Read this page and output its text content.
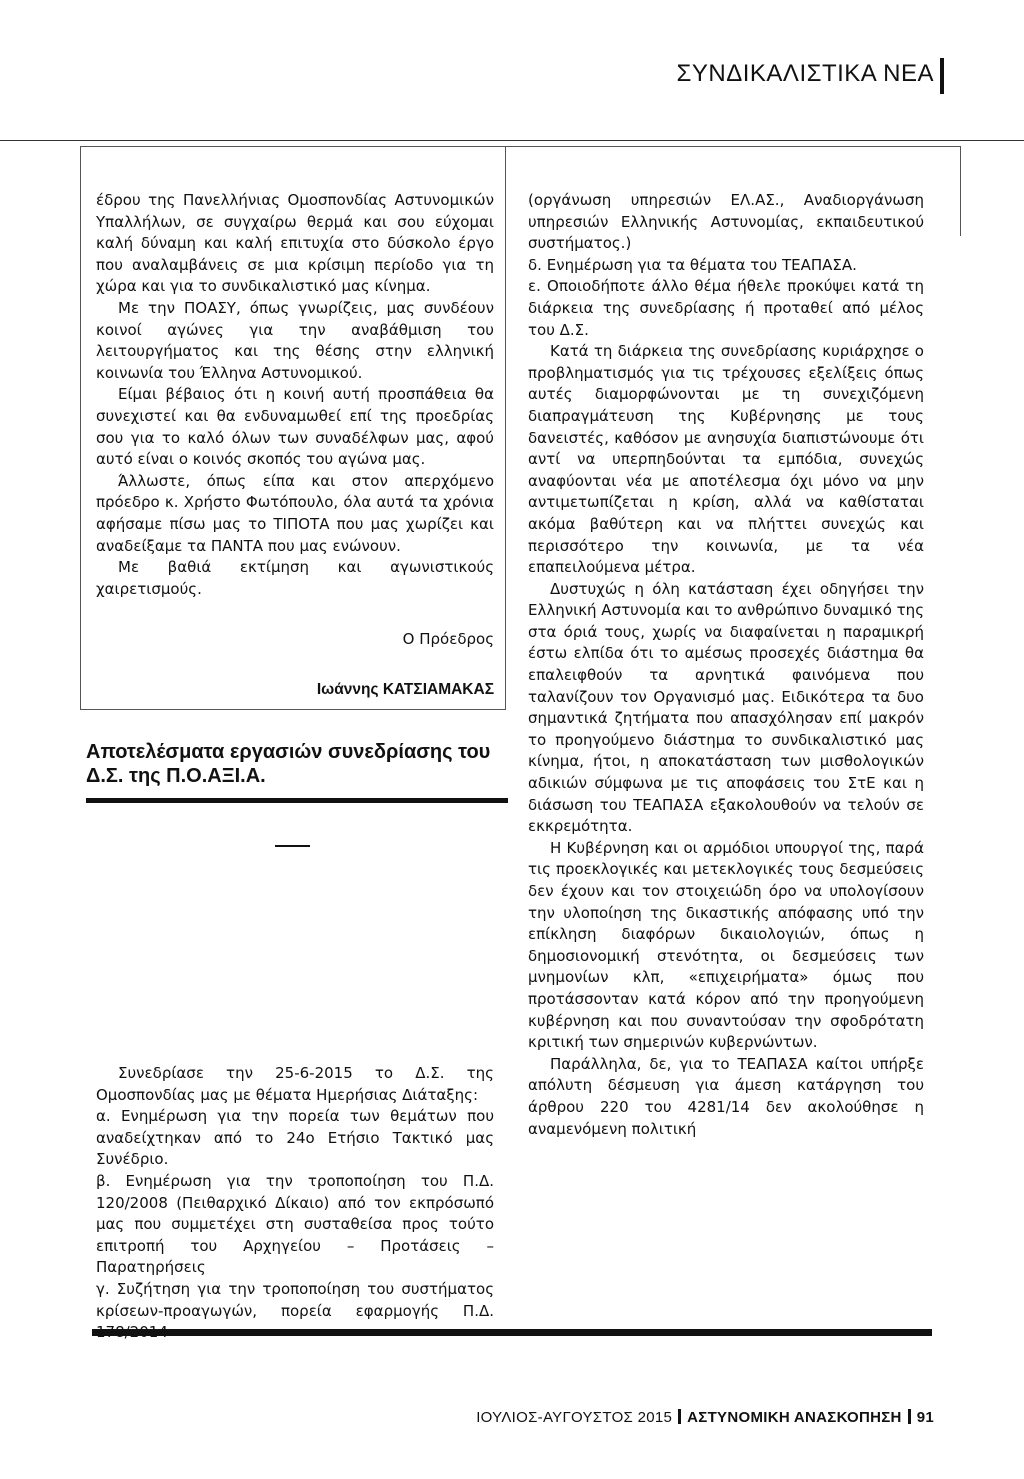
ΣΥΝΔΙΚΑΛΙΣΤΙΚΑ ΝΕΑ

έδρου της Πανελλήνιας Ομοσπονδίας Αστυνομικών Υπαλλήλων, σε συγχαίρω θερμά και σου εύχομαι καλή δύναμη και καλή επιτυχία στο δύσκολο έργο που αναλαμβάνεις σε μια κρίσιμη περίοδο για τη χώρα και για το συνδικαλιστικό μας κίνημα.

Με την ΠΟΑΣΥ, όπως γνωρίζεις, μας συνδέουν κοινοί αγώνες για την αναβάθμιση του λειτουργήματος και της θέσης στην ελληνική κοινωνία του Έλληνα Αστυνομικού.

Είμαι βέβαιος ότι η κοινή αυτή προσπάθεια θα συνεχιστεί και θα ενδυναμωθεί επί της προεδρίας σου για το καλό όλων των συναδέλφων μας, αφού αυτό είναι ο κοινός σκοπός του αγώνα μας.

Άλλωστε, όπως είπα και στον απερχόμενο πρόεδρο κ. Χρήστο Φωτόπουλο, όλα αυτά τα χρόνια αφήσαμε πίσω μας το ΤΙΠΟΤΑ που μας χωρίζει και αναδείξαμε τα ΠΑΝΤΑ που μας ενώνουν.

Με βαθιά εκτίμηση και αγωνιστικούς χαιρετισμούς.

Ο Πρόεδρος
Ιωάννης ΚΑΤΣΙΑΜΑΚΑΣ
Αποτελέσματα εργασιών συνεδρίασης του Δ.Σ. της Π.Ο.ΑΞΙ.Α.

Συνεδρίασε την 25-6-2015 το Δ.Σ. της Ομοσπονδίας μας με θέματα Ημερήσιας Διάταξης:

α. Ενημέρωση για την πορεία των θεμάτων που αναδείχτηκαν από το 24ο Ετήσιο Τακτικό μας Συνέδριο.

β. Ενημέρωση για την τροποποίηση του Π.Δ. 120/2008 (Πειθαρχικό Δίκαιο) από τον εκπρόσωπό μας που συμμετέχει στη συσταθείσα προς τούτο επιτροπή του Αρχηγείου – Προτάσεις – Παρατηρήσεις

γ. Συζήτηση για την τροποποίηση του συστήματος κρίσεων-προαγωγών, πορεία εφαρμογής Π.Δ.

(οργάνωση υπηρεσιών ΕΛ.ΑΣ., Αναδιοργάνωση υπηρεσιών Ελληνικής Αστυνομίας, εκπαιδευτικού συστήματος.)

δ. Ενημέρωση για τα θέματα του ΤΕΑΠΑΣΑ.

ε. Οποιοδήποτε άλλο θέμα ήθελε προκύψει κατά τη διάρκεια της συνεδρίασης ή προταθεί από μέλος του Δ.Σ.

Κατά τη διάρκεια της συνεδρίασης κυριάρχησε ο προβληματισμός για τις τρέχουσες εξελίξεις όπως αυτές διαμορφώνονται με τη συνεχιζόμενη διαπραγμάτευση της Κυβέρνησης με τους δανειστές, καθόσον με ανησυχία διαπιστώνουμε ότι αντί να υπερπηδούνται τα εμπόδια, συνεχώς αναφύονται νέα με αποτέλεσμα όχι μόνο να μην αντιμετωπίζεται η κρίση, αλλά να καθίσταται ακόμα βαθύτερη και να πλήττει συνεχώς και περισσότερο την κοινωνία, με τα νέα επαπειλούμενα μέτρα.

Δυστυχώς η όλη κατάσταση έχει οδηγήσει την Ελληνική Αστυνομία και το ανθρώπινο δυναμικό της στα όριά τους, χωρίς να διαφαίνεται η παραμικρή έστω ελπίδα ότι το αμέσως προσεχές διάστημα θα επαλειφθούν τα αρνητικά φαινόμενα που ταλανίζουν τον Οργανισμό μας. Ειδικότερα τα δυο σημαντικά ζητήματα που απασχόλησαν επί μακρόν το προηγούμενο διάστημα το συνδικαλιστικό μας κίνημα, ήτοι, η αποκατάσταση των μισθολογικών αδικιών σύμφωνα με τις αποφάσεις του ΣτΕ και η διάσωση του ΤΕΑΠΑΣΑ εξακολουθούν να τελούν σε εκκρεμότητα.

Η Κυβέρνηση και οι αρμόδιοι υπουργοί της, παρά τις προεκλογικές και μετεκλογικές τους δεσμεύσεις δεν έχουν και τον στοιχειώδη όρο να υπολογίσουν την υλοποίηση της δικαστικής απόφασης υπό την επίκληση διαφόρων δικαιολογιών, όπως η δημοσιονομική στενότητα, οι δεσμεύσεις των μνημονίων κλπ, «επιχειρήματα» όμως που προτάσσονταν κατά κόρον από την προηγούμενη κυβέρνηση και που συναντούσαν την σφοδρότατη κριτική των σημερινών κυβερνώντων.

Παράλληλα, δε, για το ΤΕΑΠΑΣΑ καίτοι υπήρξε απόλυτη δέσμευση για άμεση κατάργηση του άρθρου 220 του 4281/14 δεν ακολούθησε η αναμενόμενη πολιτική

ΙΟΥΛΙΟΣ-ΑΥΓΟΥΣΤΟΣ 2015 ΑΣΤΥΝΟΜΙΚΗ ΑΝΑΣΚΟΠΗΣΗ 91
